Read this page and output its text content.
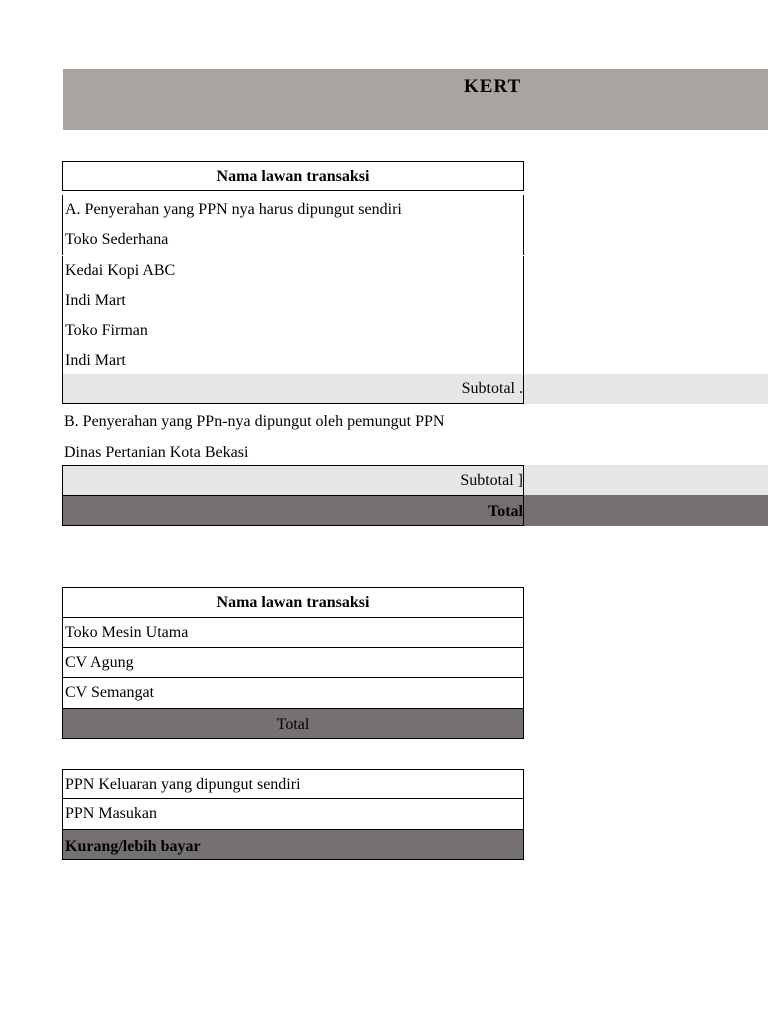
KERT
Nama lawan transaksi
A. Penyerahan yang PPN nya harus dipungut sendiri
Toko Sederhana
Kedai Kopi ABC
Indi Mart
Toko Firman
Indi Mart
Subtotal .
B. Penyerahan yang PPn-nya dipungut oleh pemungut PPN
Dinas Pertanian Kota Bekasi
Subtotal ]
Total
Nama lawan transaksi
Toko Mesin Utama
CV Agung
CV Semangat
Total
PPN Keluaran yang dipungut sendiri
PPN Masukan
Kurang/lebih bayar
